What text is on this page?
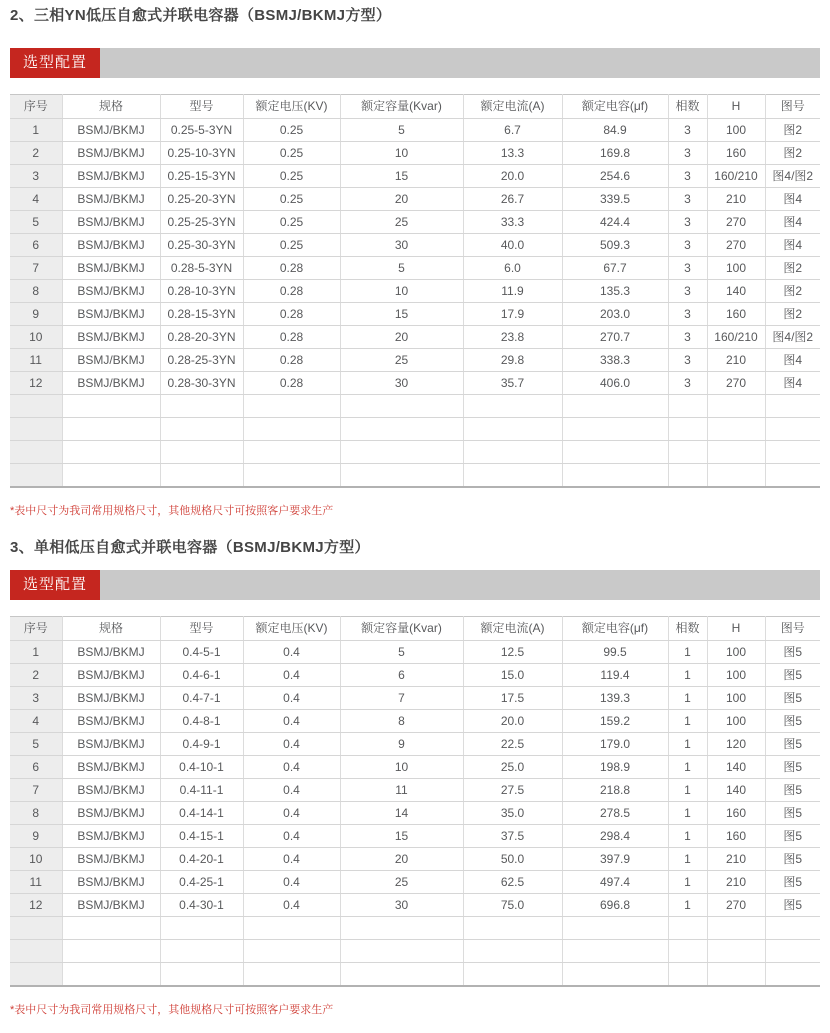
2、三相YN低压自愈式并联电容器（BSMJ/BKMJ方型）
选型配置
序号	规格	型号	额定电压(KV)	额定容量(Kvar)	额定电流(A)	额定电容(μf)	相数	H	图号
1	BSMJ/BKMJ	0.25-5-3YN	0.25	5	6.7	84.9	3	100	图2
2	BSMJ/BKMJ	0.25-10-3YN	0.25	10	13.3	169.8	3	160	图2
3	BSMJ/BKMJ	0.25-15-3YN	0.25	15	20.0	254.6	3	160/210	图4/图2
4	BSMJ/BKMJ	0.25-20-3YN	0.25	20	26.7	339.5	3	210	图4
5	BSMJ/BKMJ	0.25-25-3YN	0.25	25	33.3	424.4	3	270	图4
6	BSMJ/BKMJ	0.25-30-3YN	0.25	30	40.0	509.3	3	270	图4
7	BSMJ/BKMJ	0.28-5-3YN	0.28	5	6.0	67.7	3	100	图2
8	BSMJ/BKMJ	0.28-10-3YN	0.28	10	11.9	135.3	3	140	图2
9	BSMJ/BKMJ	0.28-15-3YN	0.28	15	17.9	203.0	3	160	图2
10	BSMJ/BKMJ	0.28-20-3YN	0.28	20	23.8	270.7	3	160/210	图4/图2
11	BSMJ/BKMJ	0.28-25-3YN	0.28	25	29.8	338.3	3	210	图4
12	BSMJ/BKMJ	0.28-30-3YN	0.28	30	35.7	406.0	3	270	图4

*表中尺寸为我司常用规格尺寸，其他规格尺寸可按照客户要求生产

3、单相低压自愈式并联电容器（BSMJ/BKMJ方型）
选型配置
序号	规格	型号	额定电压(KV)	额定容量(Kvar)	额定电流(A)	额定电容(μf)	相数	H	图号
1	BSMJ/BKMJ	0.4-5-1	0.4	5	12.5	99.5	1	100	图5
2	BSMJ/BKMJ	0.4-6-1	0.4	6	15.0	119.4	1	100	图5
3	BSMJ/BKMJ	0.4-7-1	0.4	7	17.5	139.3	1	100	图5
4	BSMJ/BKMJ	0.4-8-1	0.4	8	20.0	159.2	1	100	图5
5	BSMJ/BKMJ	0.4-9-1	0.4	9	22.5	179.0	1	120	图5
6	BSMJ/BKMJ	0.4-10-1	0.4	10	25.0	198.9	1	140	图5
7	BSMJ/BKMJ	0.4-11-1	0.4	11	27.5	218.8	1	140	图5
8	BSMJ/BKMJ	0.4-14-1	0.4	14	35.0	278.5	1	160	图5
9	BSMJ/BKMJ	0.4-15-1	0.4	15	37.5	298.4	1	160	图5
10	BSMJ/BKMJ	0.4-20-1	0.4	20	50.0	397.9	1	210	图5
11	BSMJ/BKMJ	0.4-25-1	0.4	25	62.5	497.4	1	210	图5
12	BSMJ/BKMJ	0.4-30-1	0.4	30	75.0	696.8	1	270	图5

*表中尺寸为我司常用规格尺寸，其他规格尺寸可按照客户要求生产
